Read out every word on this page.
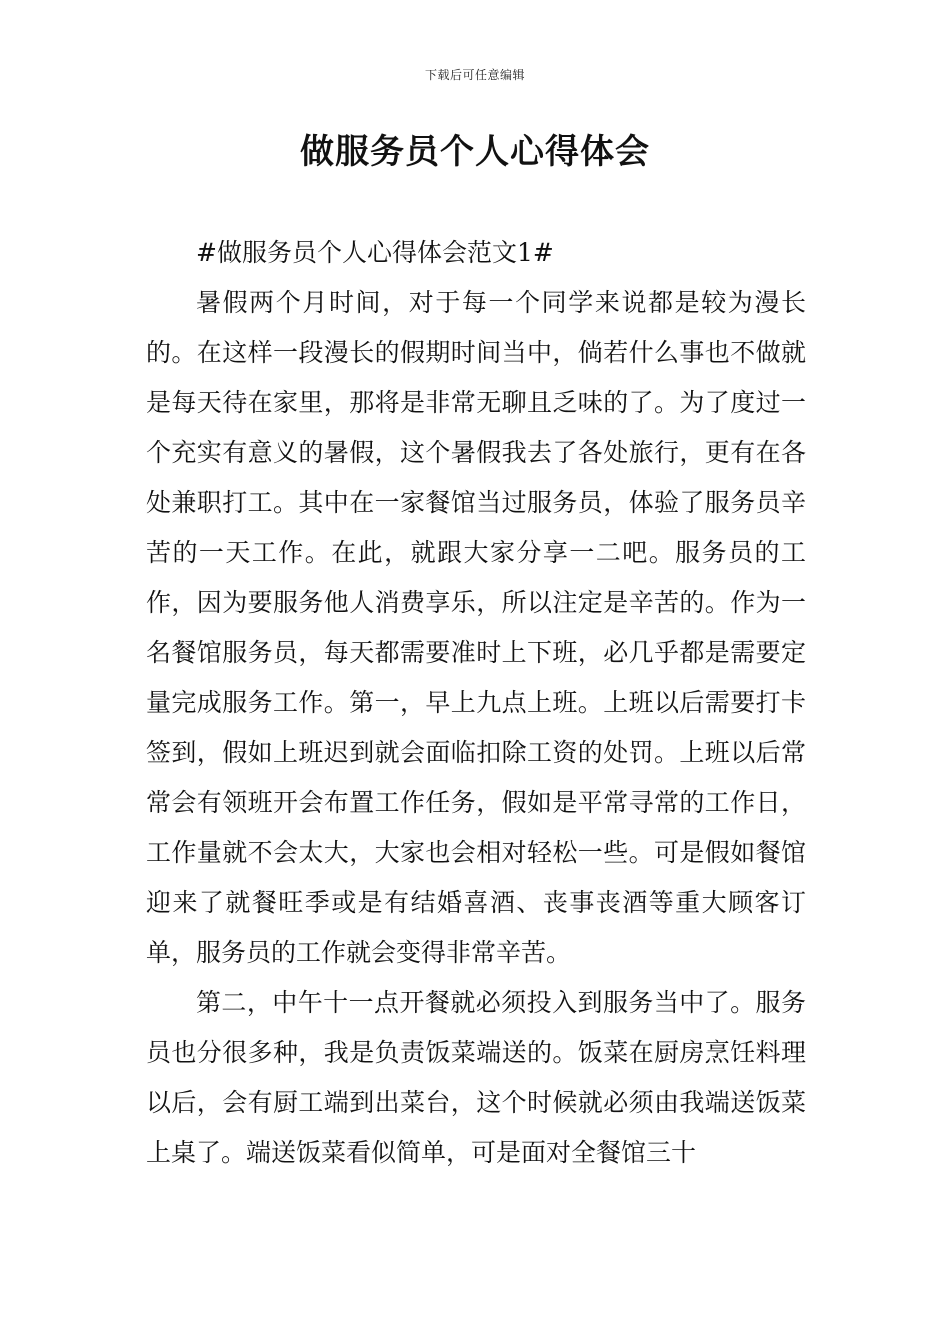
下载后可任意编辑
做服务员个人心得体会

#做服务员个人心得体会范文1#

暑假两个月时间，对于每一个同学来说都是较为漫长的。在这样一段漫长的假期时间当中，倘若什么事也不做就是每天待在家里，那将是非常无聊且乏味的了。为了度过一个充实有意义的暑假，这个暑假我去了各处旅行，更有在各处兼职打工。其中在一家餐馆当过服务员，体验了服务员辛苦的一天工作。在此，就跟大家分享一二吧。服务员的工作，因为要服务他人消费享乐，所以注定是辛苦的。作为一名餐馆服务员，每天都需要准时上下班，必几乎都是需要定量完成服务工作。第一，早上九点上班。上班以后需要打卡签到，假如上班迟到就会面临扣除工资的处罚。上班以后常常会有领班开会布置工作任务，假如是平常寻常的工作日，工作量就不会太大，大家也会相对轻松一些。可是假如餐馆迎来了就餐旺季或是有结婚喜酒、丧事丧酒等重大顾客订单，服务员的工作就会变得非常辛苦。

第二，中午十一点开餐就必须投入到服务当中了。服务员也分很多种，我是负责饭菜端送的。饭菜在厨房烹饪料理以后，会有厨工端到出菜台，这个时候就必须由我端送饭菜上桌了。端送饭菜看似简单，可是面对全餐馆三十
